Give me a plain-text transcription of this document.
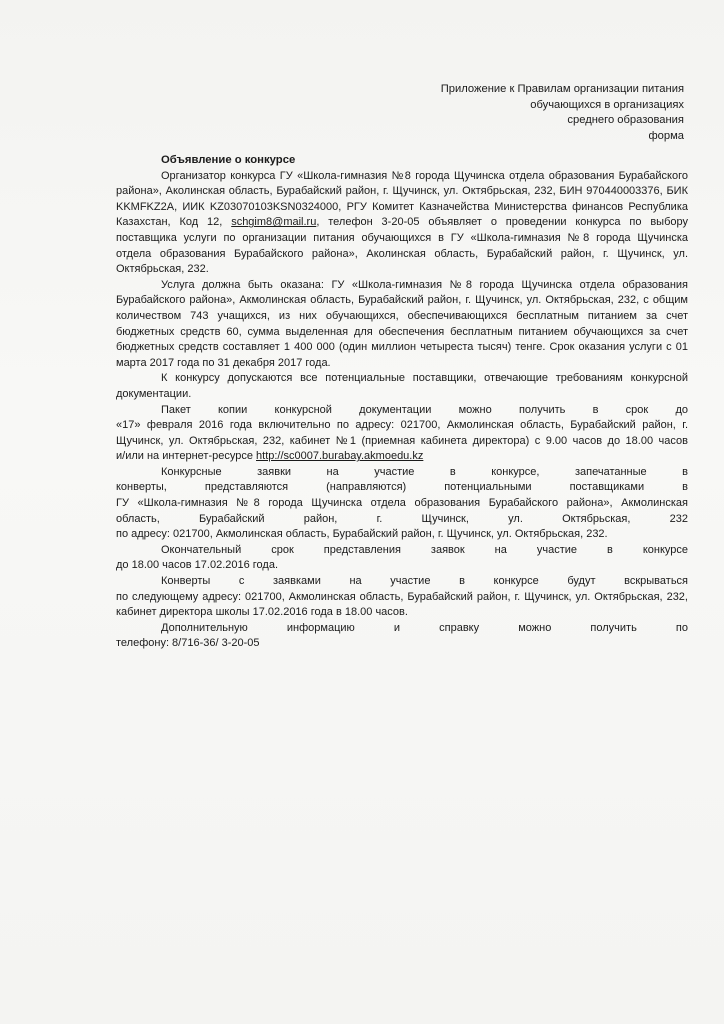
Приложение к Правилам организации питания
обучающихся в организациях
среднего образования
форма
Объявление о конкурсе
Организатор конкурса ГУ «Школа-гимназия №8 города Щучинска отдела образования Бурабайского
района», Аколинская область, Бурабайский район, г. Щучинск, ул. Октябрьская, 232, БИН 970440003376, БИК
KKMFKZ2A, ИИК KZ03070103KSN0324000, РГУ Комитет Казначейства Министерства финансов Республика
Казахстан, Код 12, schgim8@mail.ru, телефон 3-20-05 объявляет о проведении конкурса по выбору
поставщика услуги по организации питания обучающихся в ГУ «Школа-гимназия №8 города Щучинска
отдела образования Бурабайского района», Аколинская область, Бурабайский район, г. Щучинск, ул.
Октябрьская, 232.
Услуга должна быть оказана: ГУ «Школа-гимназия №8 города Щучинска отдела образования
Бурабайского района», Акмолинская область, Бурабайский район, г. Щучинск, ул. Октябрьская, 232, с общим
количеством 743 учащихся, из них обучающихся, обеспечивающихся бесплатным питанием за счет
бюджетных средств 60, сумма выделенная для обеспечения бесплатным питанием обучающихся за счет
бюджетных средств составляет 1 400 000 (один миллион четыреста тысяч) тенге. Срок оказания услуги с 01
марта 2017 года по 31 декабря 2017 года.
К конкурсу допускаются все потенциальные поставщики, отвечающие требованиям конкурсной
документации.
Пакет копии конкурсной документации можно получить в срок до
«17» февраля 2016 года включительно по адресу: 021700, Акмолинская область, Бурабайский район, г.
Щучинск, ул. Октябрьская, 232, кабинет №1 (приемная кабинета директора) с 9.00 часов до 18.00 часов
и/или на интернет-ресурсе http://sc0007.burabay.akmoedu.kz
Конкурсные заявки на участие в конкурсе, запечатанные в
конверты, представляются (направляются) потенциальными поставщиками в
ГУ «Школа-гимназия №8 города Щучинска отдела образования Бурабайского района», Акмолинская
область, Бурабайский район, г. Щучинск, ул. Октябрьская, 232
по адресу: 021700, Акмолинская область, Бурабайский район, г. Щучинск, ул. Октябрьская, 232.
Окончательный срок представления заявок на участие в конкурсе
до 18.00 часов 17.02.2016 года.
Конверты с заявками на участие в конкурсе будут вскрываться
по следующему адресу: 021700, Акмолинская область, Бурабайский район, г. Щучинск, ул. Октябрьская, 232,
кабинет директора школы 17.02.2016 года в 18.00 часов.
Дополнительную информацию и справку можно получить по
телефону: 8/716-36/ 3-20-05
